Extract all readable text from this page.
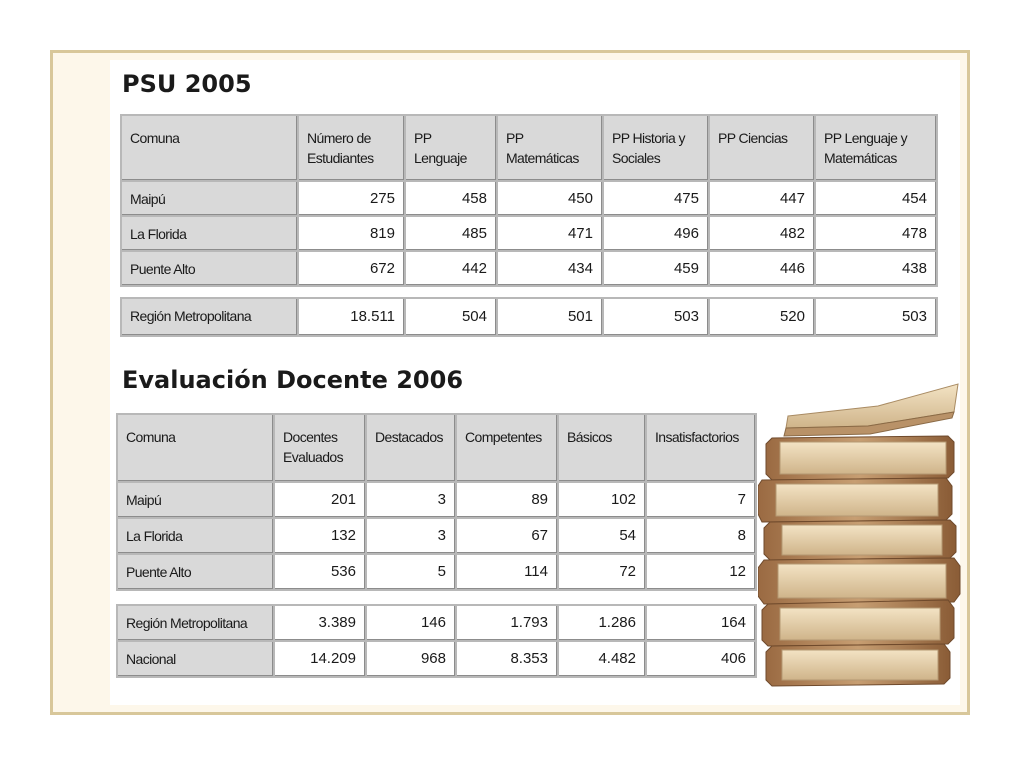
PSU 2005
Comuna	Número de Estudiantes	PP Lenguaje	PP Matemáticas	PP Historia y Sociales	PP Ciencias	PP Lenguaje y Matemáticas
Maipú	275	458	450	475	447	454
La Florida	819	485	471	496	482	478
Puente Alto	672	442	434	459	446	438
Región Metropolitana	18.511	504	501	503	520	503
Evaluación Docente 2006
Comuna	Docentes Evaluados	Destacados	Competentes	Básicos	Insatisfactorios
Maipú	201	3	89	102	7
La Florida	132	3	67	54	8
Puente Alto	536	5	114	72	12
Región Metropolitana	3.389	146	1.793	1.286	164
Nacional	14.209	968	8.353	4.482	406
